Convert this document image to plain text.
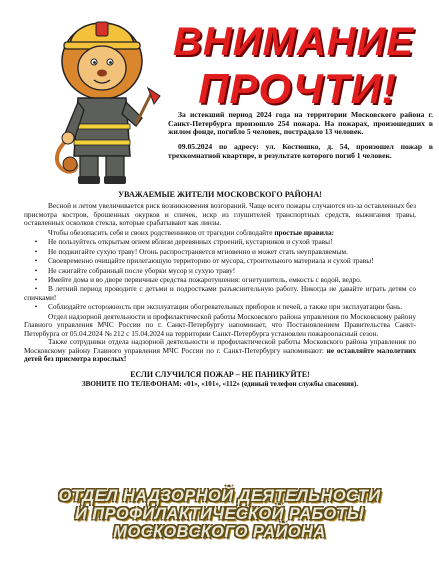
ВНИМАНИЕ
ПРОЧТИ!

За истекший период 2024 года на территории Московского района г. Санкт-Петербурга произошло 254 пожара. На пожарах, произошедших в жилом фонде, погибло 5 человек, пострадало 13 человек.

09.05.2024 по адресу: ул. Костюшко, д. 54, произошел пожар в трехкомнатной квартире, в результате которого погиб 1 человек.

УВАЖАЕМЫЕ ЖИТЕЛИ МОСКОВСКОГО РАЙОНА!

Весной и летом увеличивается риск возникновения возгораний. Чаще всего пожары случаются из-за оставленных без присмотра костров, брошенных окурков и спичек, искр из глушителей транспортных средств, выжигания травы, оставленных осколков стекла, которые срабатывают как линзы.

Чтобы обезопасить себя и своих родственников от трагедии соблюдайте простые правила:

• Не пользуйтесь открытым огнем вблизи деревянных строений, кустарников и сухой травы!

• Не поджигайте сухую траву! Огонь распространяется мгновенно и может стать неуправляемым.

• Своевременно очищайте прилегающую территорию от мусора, строительного материала и сухой травы!

• Не сжигайте собранный после уборки мусор и сухую траву!

• Имейте дома и во дворе первичные средства пожаротушения: огнетушитель, емкость с водой, ведро.

• В летний период проводите с детьми и подростками разъяснительную работу. Никогда не давайте играть детям со спичками!

• Соблюдайте осторожность при эксплуатации обогревательных приборов и печей, а также при эксплуатации бань.

Отдел надзорной деятельности и профилактической работы Московского района управления по Московскому району Главного управления МЧС России по г. Санкт-Петербургу напоминает, что Постановлением Правительства Санкт-Петербурга от 05.04.2024 № 212 с 15.04.2024 на территории Санкт-Петербурга установлен пожароопасный сезон.

Также сотрудники отдела надзорной деятельности и профилактической работы Московского района управления по Московскому району Главного управления МЧС России по г. Санкт-Петербургу напоминают: не оставляйте малолетних детей без присмотра взрослых!

ЕСЛИ СЛУЧИЛСЯ ПОЖАР – НЕ ПАНИКУЙТЕ!

ЗВОНИТЕ ПО ТЕЛЕФОНАМ: «01», «101», «112» (единый телефон службы спасения).

ОТДЕЛ НАДЗОРНОЙ ДЕЯТЕЛЬНОСТИ
И ПРОФИЛАКТИЧЕСКОЙ РАБОТЫ
МОСКОВСКОГО РАЙОНА
